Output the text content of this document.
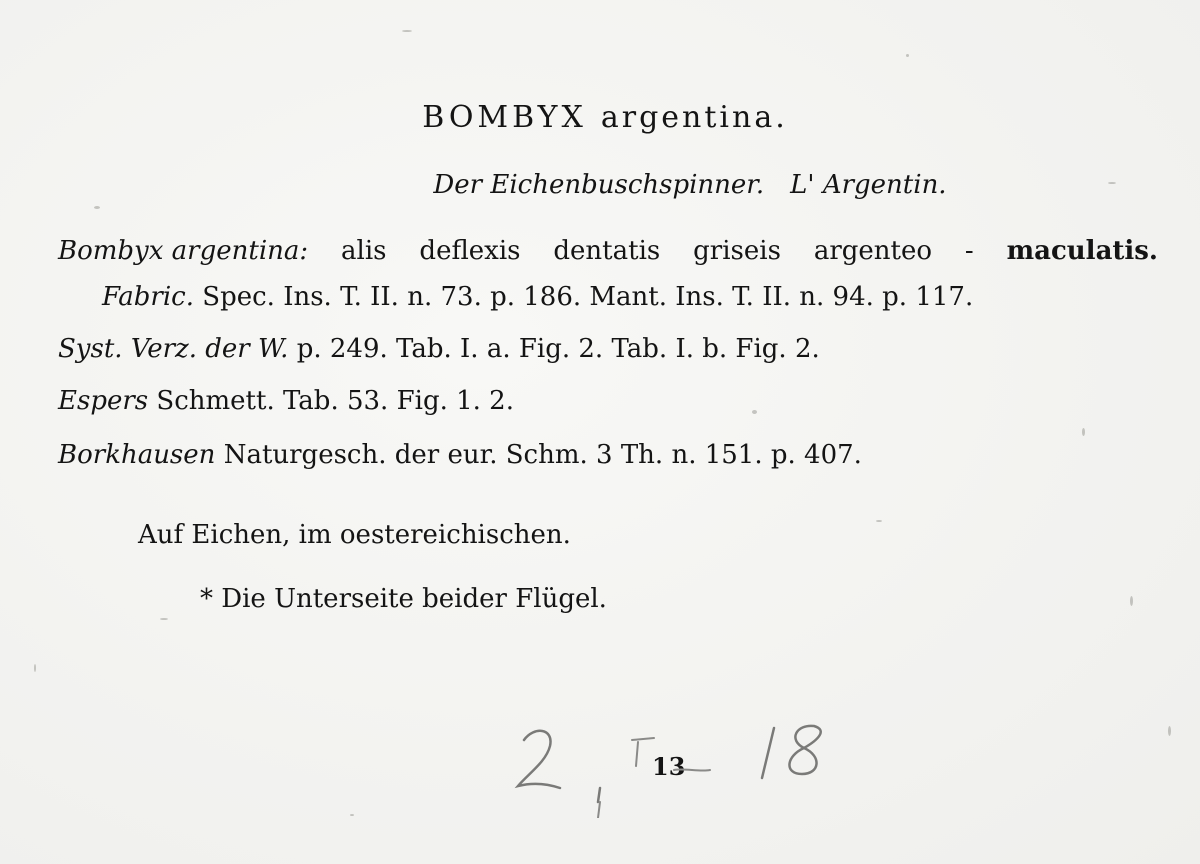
BOMBYX argentina.
Der Eichenbuschspinner. L' Argentin.
Bombyx argentina: alis deflexis dentatis griseis argenteo - maculatis.
Fabric. Spec. Ins. T. II. n. 73. p. 186. Mant. Ins. T. II. n. 94. p. 117.
Syst. Verz. der W. p. 249. Tab. I. a. Fig. 2. Tab. I. b. Fig. 2.
Espers Schmett. Tab. 53. Fig. 1. 2.
Borkhausen Naturgesch. der eur. Schm. 3 Th. n. 151. p. 407.
Auf Eichen, im oestereichischen.
* Die Unterseite beider Flügel.
13
